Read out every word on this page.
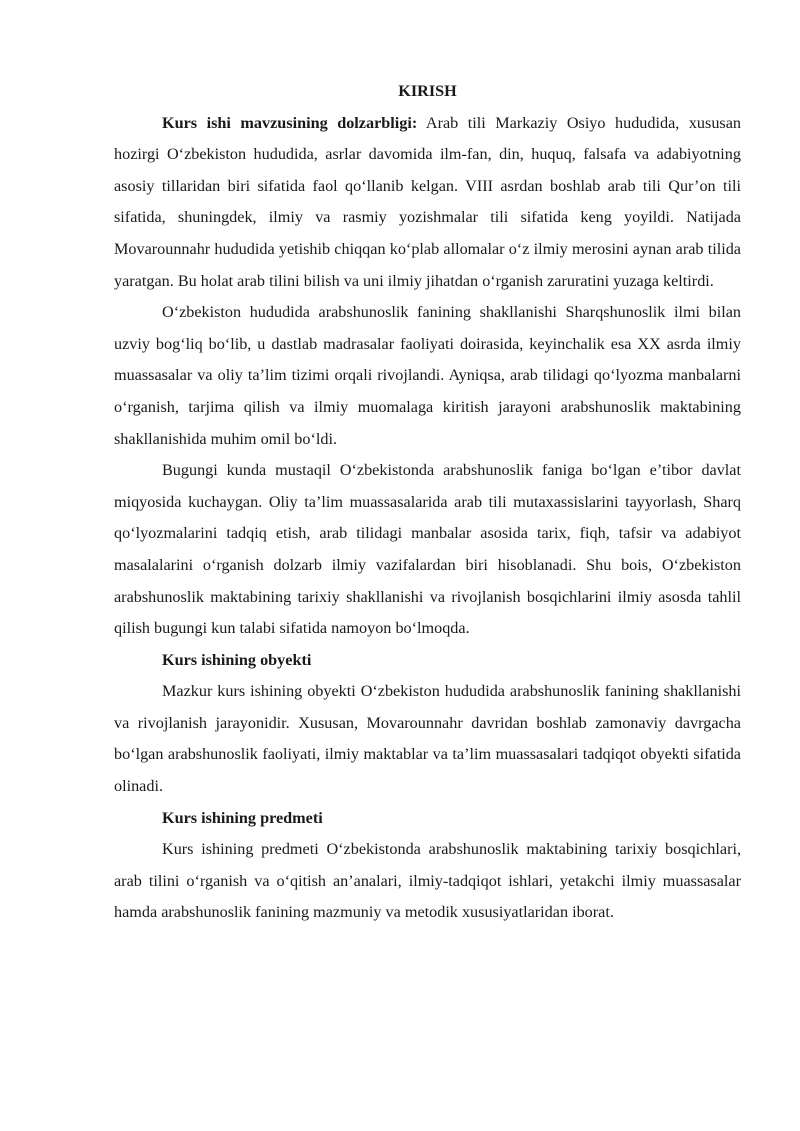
KIRISH

Kurs ishi mavzusining dolzarbligi: Arab tili Markaziy Osiyo hududida, xususan hozirgi O‘zbekiston hududida, asrlar davomida ilm-fan, din, huquq, falsafa va adabiyotning asosiy tillaridan biri sifatida faol qo‘llanib kelgan. VIII asrdan boshlab arab tili Qur’on tili sifatida, shuningdek, ilmiy va rasmiy yozishmalar tili sifatida keng yoyildi. Natijada Movarounnahr hududida yetishib chiqqan ko‘plab allomalar o‘z ilmiy merosini aynan arab tilida yaratgan. Bu holat arab tilini bilish va uni ilmiy jihatdan o‘rganish zaruratini yuzaga keltirdi.

O‘zbekiston hududida arabshunoslik fanining shakllanishi Sharqshunoslik ilmi bilan uzviy bog‘liq bo‘lib, u dastlab madrasalar faoliyati doirasida, keyinchalik esa XX asrda ilmiy muassasalar va oliy ta’lim tizimi orqali rivojlandi. Ayniqsa, arab tilidagi qo‘lyozma manbalarni o‘rganish, tarjima qilish va ilmiy muomalaga kiritish jarayoni arabshunoslik maktabining shakllanishida muhim omil bo‘ldi.

Bugungi kunda mustaqil O‘zbekistonda arabshunoslik faniga bo‘lgan e’tibor davlat miqyosida kuchaygan. Oliy ta’lim muassasalarida arab tili mutaxassislarini tayyorlash, Sharq qo‘lyozmalarini tadqiq etish, arab tilidagi manbalar asosida tarix, fiqh, tafsir va adabiyot masalalarini o‘rganish dolzarb ilmiy vazifalardan biri hisoblanadi. Shu bois, O‘zbekiston arabshunoslik maktabining tarixiy shakllanishi va rivojlanish bosqichlarini ilmiy asosda tahlil qilish bugungi kun talabi sifatida namoyon bo‘lmoqda.

Kurs ishining obyekti

Mazkur kurs ishining obyekti O‘zbekiston hududida arabshunoslik fanining shakllanishi va rivojlanish jarayonidir. Xususan, Movarounnahr davridan boshlab zamonaviy davrgacha bo‘lgan arabshunoslik faoliyati, ilmiy maktablar va ta’lim muassasalari tadqiqot obyekti sifatida olinadi.

Kurs ishining predmeti

Kurs ishining predmeti O‘zbekistonda arabshunoslik maktabining tarixiy bosqichlari, arab tilini o‘rganish va o‘qitish an’analari, ilmiy-tadqiqot ishlari, yetakchi ilmiy muassasalar hamda arabshunoslik fanining mazmuniy va metodik xususiyatlaridan iborat.
